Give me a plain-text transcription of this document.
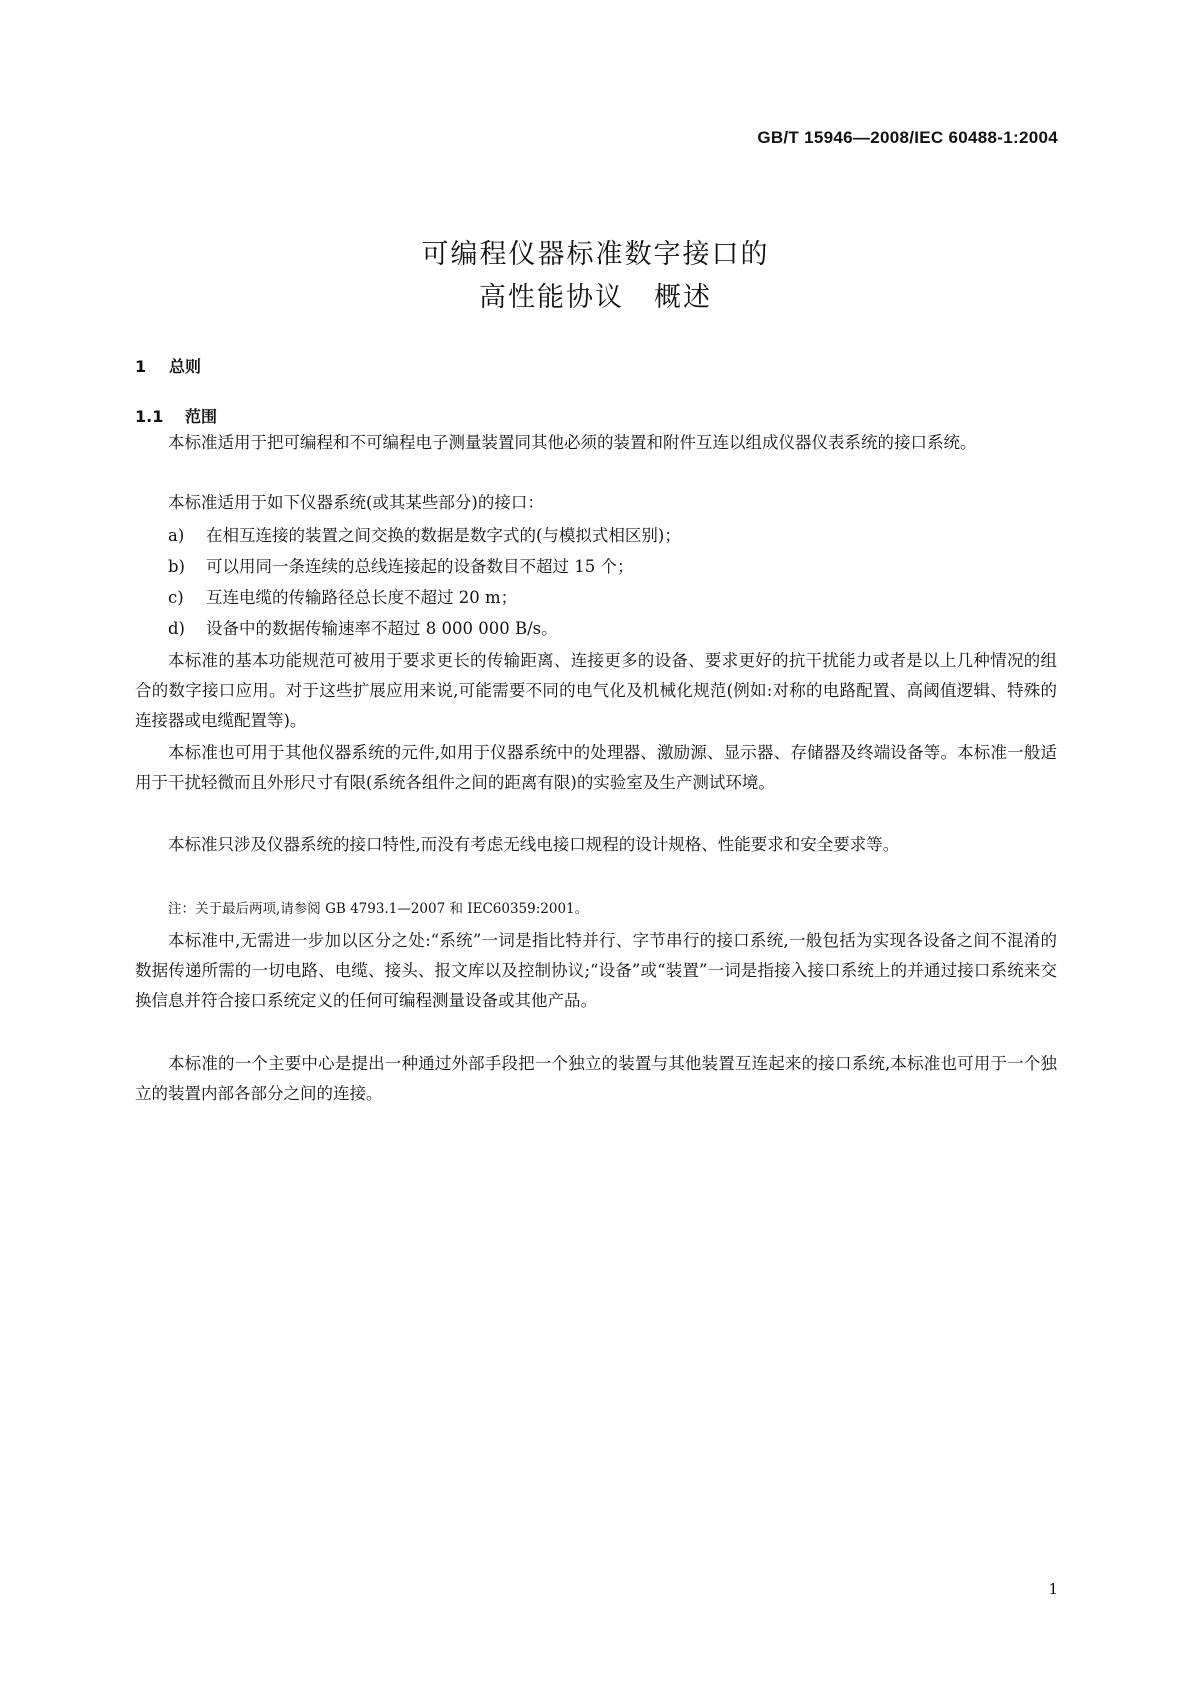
GB/T 15946—2008/IEC 60488-1:2004
可编程仪器标准数字接口的
高性能协议 概述
1 总则
1.1 范围
本标准适用于把可编程和不可编程电子测量装置同其他必须的装置和附件互连以组成仪器仪表系统的接口系统。
本标准适用于如下仪器系统(或其某些部分)的接口：
a) 在相互连接的装置之间交换的数据是数字式的(与模拟式相区别)；
b) 可以用同一条连续的总线连接起的设备数目不超过 15 个；
c) 互连电缆的传输路径总长度不超过 20 m；
d) 设备中的数据传输速率不超过 8 000 000 B/s。
本标准的基本功能规范可被用于要求更长的传输距离、连接更多的设备、要求更好的抗干扰能力或者是以上几种情况的组合的数字接口应用。对于这些扩展应用来说,可能需要不同的电气化及机械化规范(例如:对称的电路配置、高阈值逻辑、特殊的连接器或电缆配置等)。
本标准也可用于其他仪器系统的元件,如用于仪器系统中的处理器、激励源、显示器、存储器及终端设备等。本标准一般适用于干扰轻微而且外形尺寸有限(系统各组件之间的距离有限)的实验室及生产测试环境。
本标准只涉及仪器系统的接口特性,而没有考虑无线电接口规程的设计规格、性能要求和安全要求等。
注：关于最后两项,请参阅 GB 4793.1—2007 和 IEC60359:2001。
本标准中,无需进一步加以区分之处:“系统”一词是指比特并行、字节串行的接口系统,一般包括为实现各设备之间不混淆的数据传递所需的一切电路、电缆、接头、报文库以及控制协议;“设备”或“装置”一词是指接入接口系统上的并通过接口系统来交换信息并符合接口系统定义的任何可编程测量设备或其他产品。
本标准的一个主要中心是提出一种通过外部手段把一个独立的装置与其他装置互连起来的接口系统,本标准也可用于一个独立的装置内部各部分之间的连接。
1
